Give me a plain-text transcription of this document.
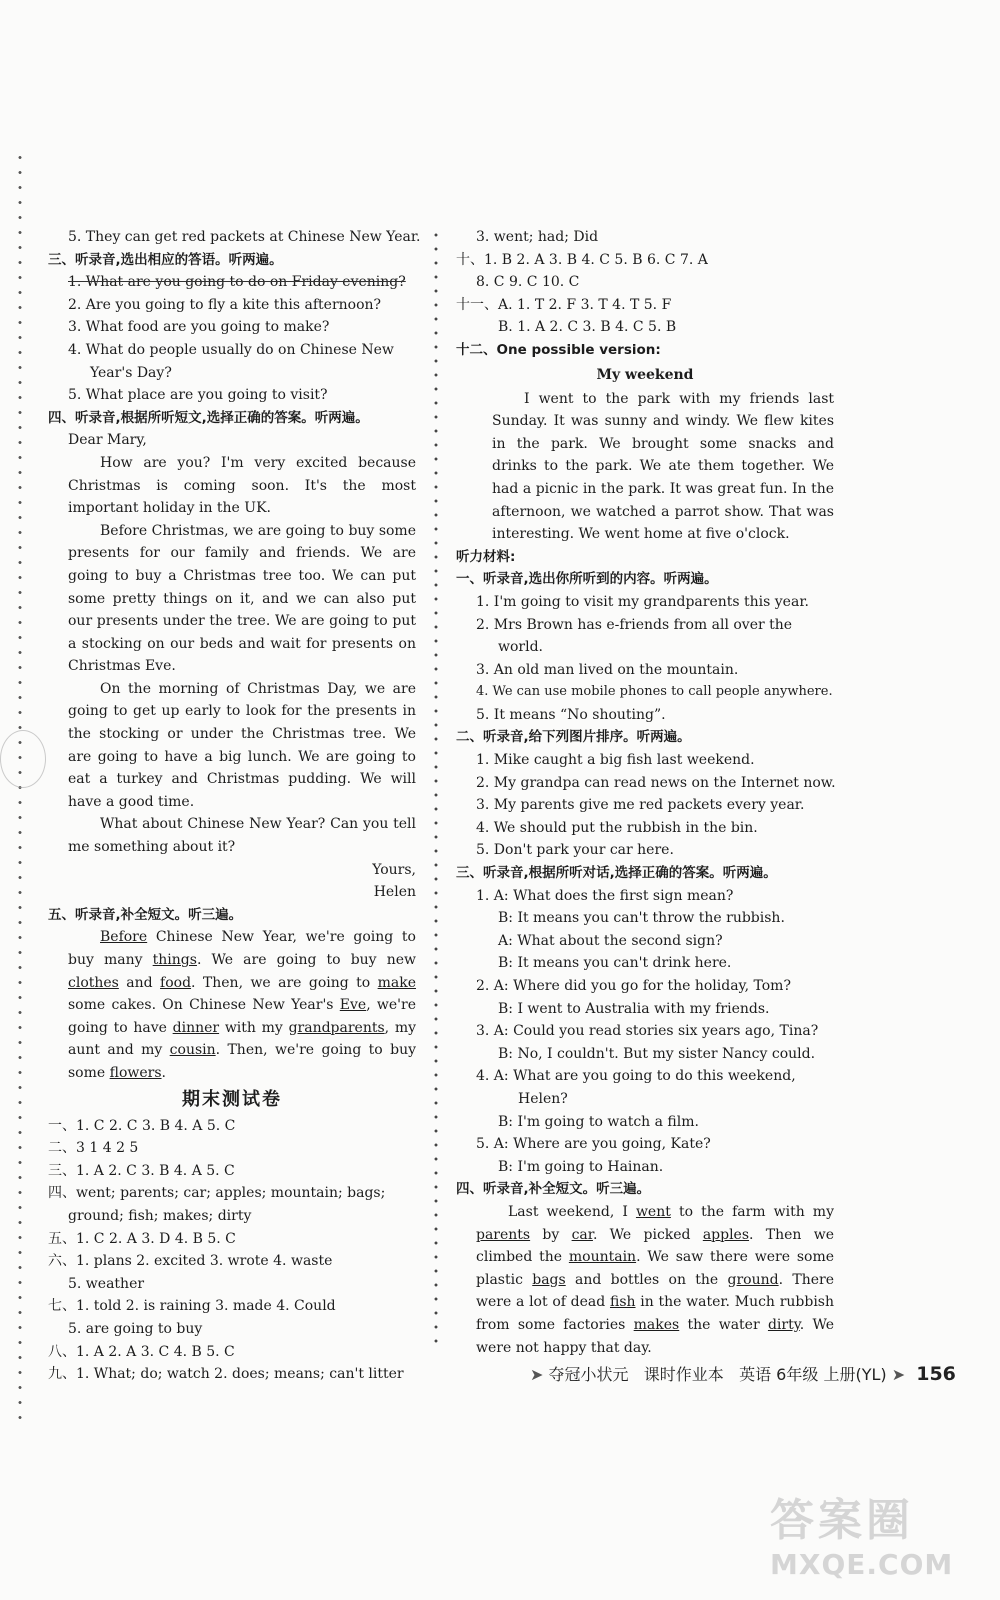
5. They can get red packets at Chinese New Year.
三、听录音,选出相应的答语。听两遍。
1. What are you going to do on Friday evening?
2. Are you going to fly a kite this afternoon?
3. What food are you going to make?
4. What do people usually do on Chinese New
Year's Day?
5. What place are you going to visit?
四、听录音,根据所听短文,选择正确的答案。听两遍。
Dear Mary,
How are you? I'm very excited because Christmas is coming soon. It's the most important holiday in the UK.
Before Christmas, we are going to buy some presents for our family and friends. We are going to buy a Christmas tree too. We can put some pretty things on it, and we can also put our presents under the tree. We are going to put a stocking on our beds and wait for presents on Christmas Eve.
On the morning of Christmas Day, we are going to get up early to look for the presents in the stocking or under the Christmas tree. We are going to have a big lunch. We are going to eat a turkey and Christmas pudding. We will have a good time.
What about Chinese New Year? Can you tell me something about it?
Yours,
Helen
五、听录音,补全短文。听三遍。
Before Chinese New Year, we're going to buy many things. We are going to buy new clothes and food. Then, we are going to make some cakes. On Chinese New Year's Eve, we're going to have dinner with my grandparents, my aunt and my cousin. Then, we're going to buy some flowers.
期末测试卷
一、1. C 2. C 3. B 4. A 5. C
二、3 1 4 2 5
三、1. A 2. C 3. B 4. A 5. C
四、went; parents; car; apples; mountain; bags;
ground; fish; makes; dirty
五、1. C 2. A 3. D 4. B 5. C
六、1. plans 2. excited 3. wrote 4. waste
5. weather
七、1. told 2. is raining 3. made 4. Could
5. are going to buy
八、1. A 2. A 3. C 4. B 5. C
九、1. What; do; watch 2. does; means; can't litter
3. went; had; Did
十、1. B 2. A 3. B 4. C 5. B 6. C 7. A
8. C 9. C 10. C
十一、A. 1. T 2. F 3. T 4. T 5. F
B. 1. A 2. C 3. B 4. C 5. B
十二、One possible version:
My weekend
I went to the park with my friends last Sunday. It was sunny and windy. We flew kites in the park. We brought some snacks and drinks to the park. We ate them together. We had a picnic in the park. It was great fun. In the afternoon, we watched a parrot show. That was interesting. We went home at five o'clock.
听力材料:
一、听录音,选出你所听到的内容。听两遍。
1. I'm going to visit my grandparents this year.
2. Mrs Brown has e-friends from all over the
world.
3. An old man lived on the mountain.
4. We can use mobile phones to call people anywhere.
5. It means “No shouting”.
二、听录音,给下列图片排序。听两遍。
1. Mike caught a big fish last weekend.
2. My grandpa can read news on the Internet now.
3. My parents give me red packets every year.
4. We should put the rubbish in the bin.
5. Don't park your car here.
三、听录音,根据所听对话,选择正确的答案。听两遍。
1. A: What does the first sign mean?
B: It means you can't throw the rubbish.
A: What about the second sign?
B: It means you can't drink here.
2. A: Where did you go for the holiday, Tom?
B: I went to Australia with my friends.
3. A: Could you read stories six years ago, Tina?
B: No, I couldn't. But my sister Nancy could.
4. A: What are you going to do this weekend,
Helen?
B: I'm going to watch a film.
5. A: Where are you going, Kate?
B: I'm going to Hainan.
四、听录音,补全短文。听三遍。
Last weekend, I went to the farm with my parents by car. We picked apples. Then we climbed the mountain. We saw there were some plastic bags and bottles on the ground. There were a lot of dead fish in the water. Much rubbish from some factories makes the water dirty. We were not happy that day.
➤ 夺冠小状元 课时作业本 英语 6年级 上册(YL) ➤ 156
答案圈
MXQE.COM
